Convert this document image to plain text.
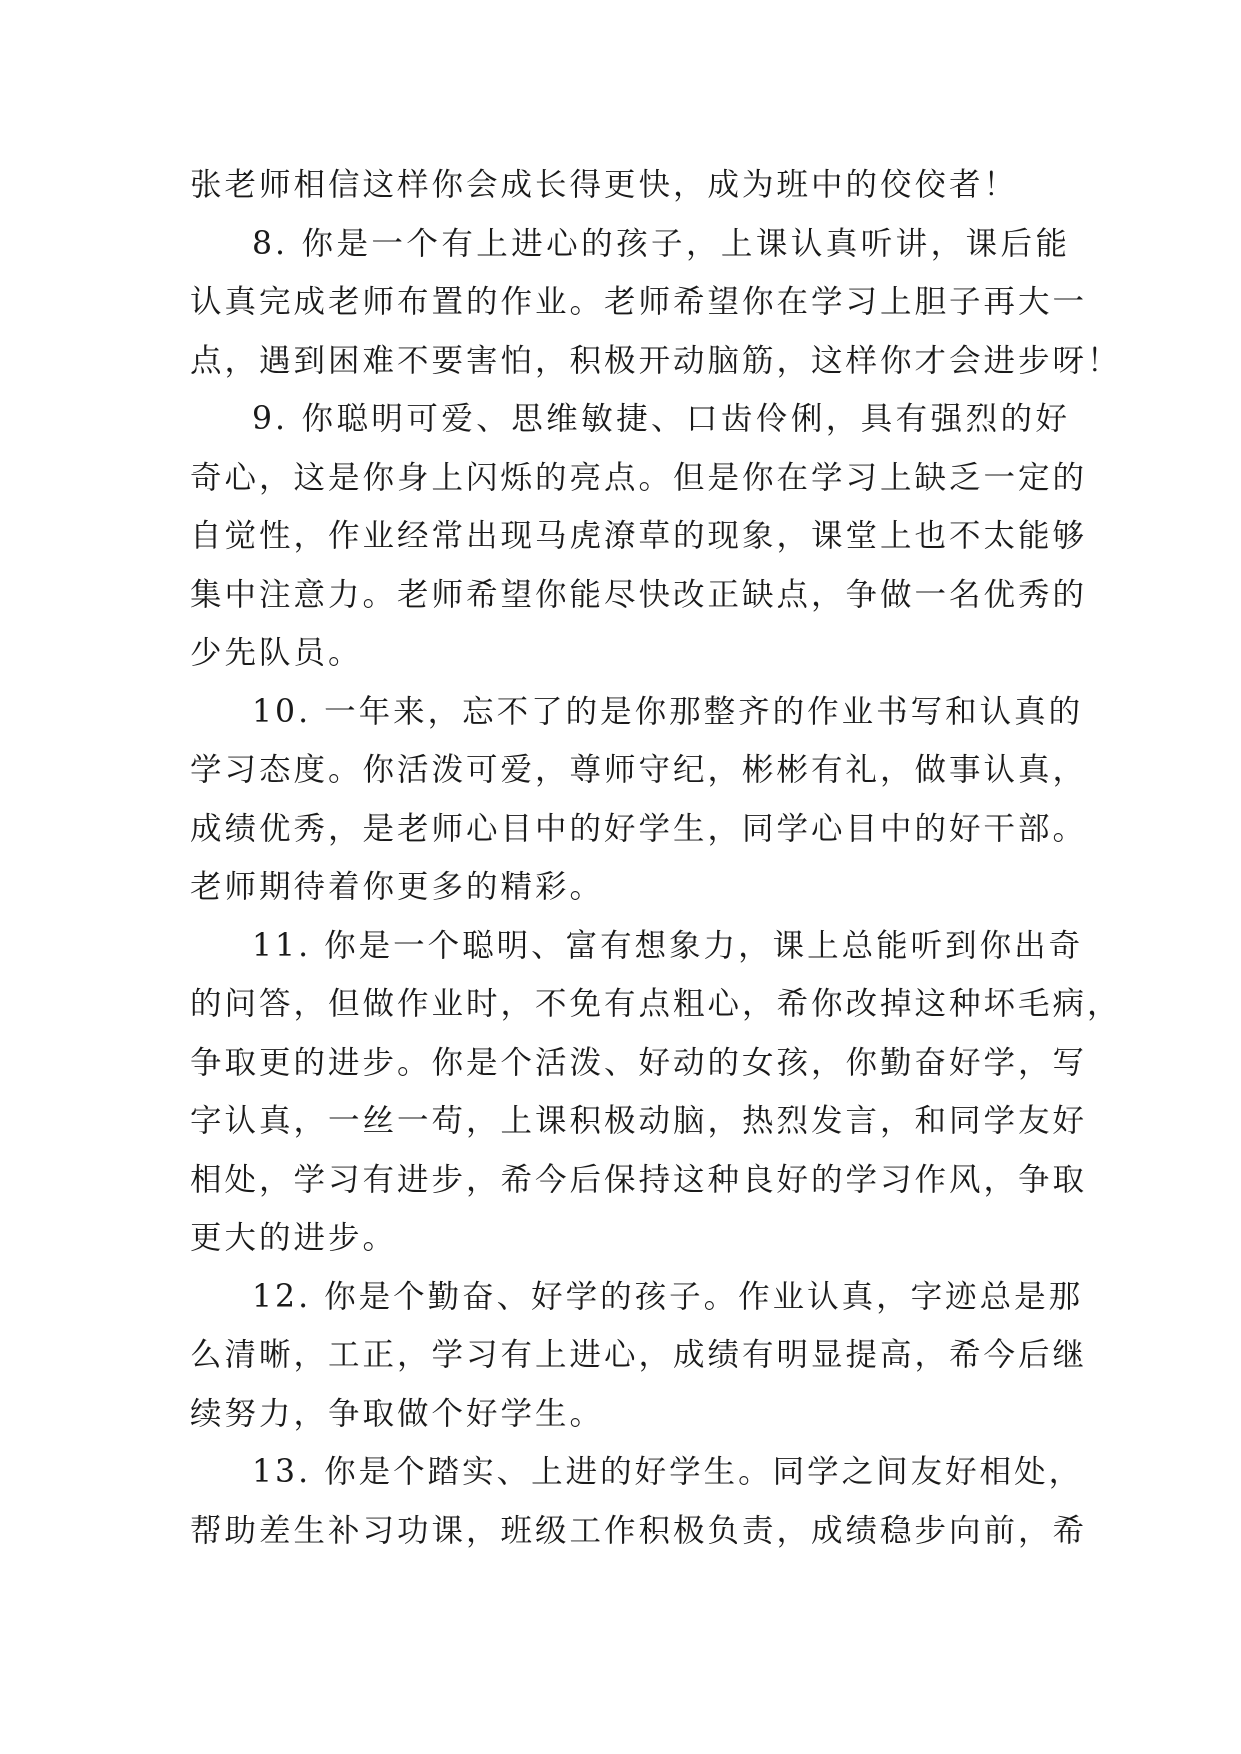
张老师相信这样你会成长得更快，成为班中的佼佼者！
8. 你是一个有上进心的孩子，上课认真听讲，课后能
认真完成老师布置的作业。老师希望你在学习上胆子再大一
点，遇到困难不要害怕，积极开动脑筋，这样你才会进步呀！
9. 你聪明可爱、思维敏捷、口齿伶俐，具有强烈的好
奇心，这是你身上闪烁的亮点。但是你在学习上缺乏一定的
自觉性，作业经常出现马虎潦草的现象，课堂上也不太能够
集中注意力。老师希望你能尽快改正缺点，争做一名优秀的
少先队员。
10. 一年来，忘不了的是你那整齐的作业书写和认真的
学习态度。你活泼可爱，尊师守纪，彬彬有礼，做事认真，
成绩优秀，是老师心目中的好学生，同学心目中的好干部。
老师期待着你更多的精彩。
11. 你是一个聪明、富有想象力，课上总能听到你出奇
的问答，但做作业时，不免有点粗心，希你改掉这种坏毛病，
争取更的进步。你是个活泼、好动的女孩，你勤奋好学，写
字认真，一丝一苟，上课积极动脑，热烈发言，和同学友好
相处，学习有进步，希今后保持这种良好的学习作风，争取
更大的进步。
12. 你是个勤奋、好学的孩子。作业认真，字迹总是那
么清晰，工正，学习有上进心，成绩有明显提高，希今后继
续努力，争取做个好学生。
13. 你是个踏实、上进的好学生。同学之间友好相处，
帮助差生补习功课，班级工作积极负责，成绩稳步向前，希
